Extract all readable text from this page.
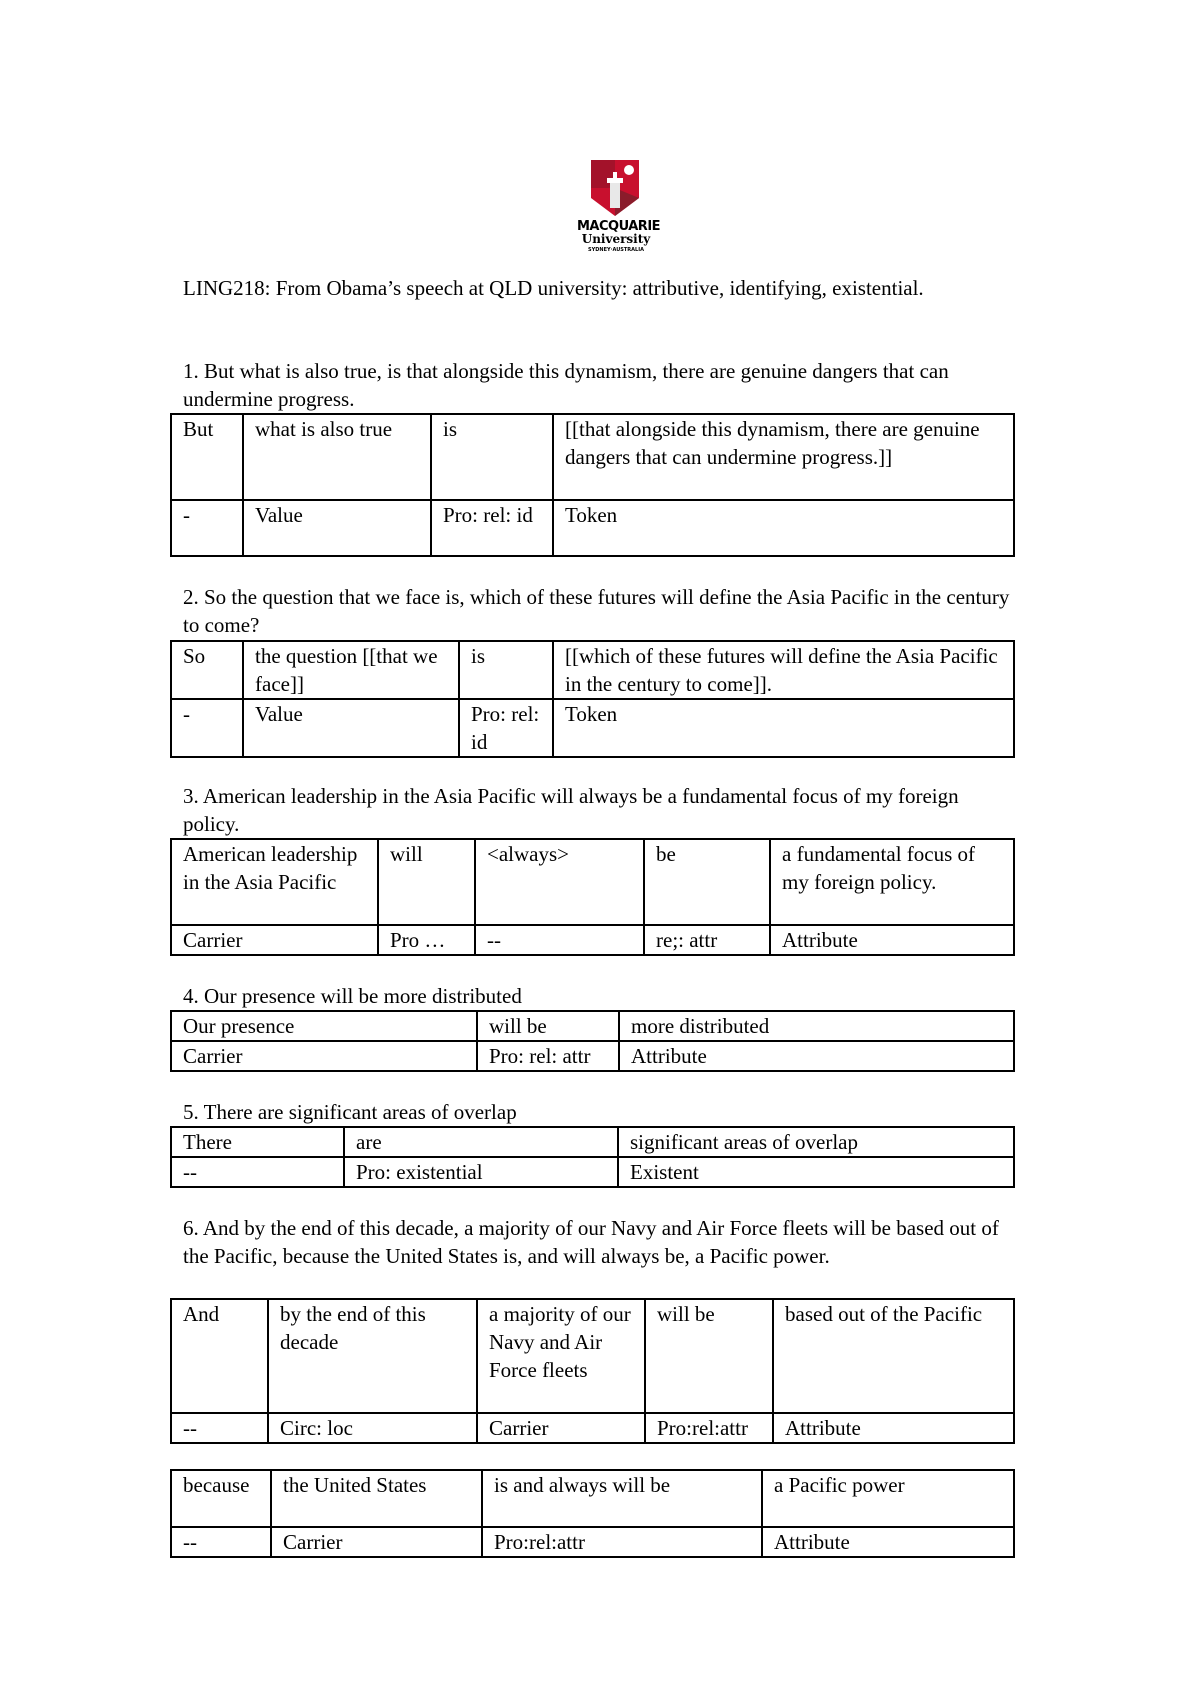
MACQUARIE
University
SYDNEY·AUSTRALIA

LING218: From Obama’s speech at QLD university: attributive, identifying, existential.

1. But what is also true, is that alongside this dynamism, there are genuine dangers that can undermine progress.

But	what is also true	is	[[that alongside this dynamism, there are genuine dangers that can undermine progress.]]
-	Value	Pro: rel: id	Token

2. So the question that we face is, which of these futures will define the Asia Pacific in the century to come?

So	the question [[that we face]]	is	[[which of these futures will define the Asia Pacific in the century to come]].
-	Value	Pro: rel: id	Token

3. American leadership in the Asia Pacific will always be a fundamental focus of my foreign policy.

American leadership in the Asia Pacific	will	<always>	be	a fundamental focus of my foreign policy.
Carrier	Pro …	--	re;: attr	Attribute

4. Our presence will be more distributed

Our presence	will be	more distributed
Carrier	Pro: rel: attr	Attribute

5. There are significant areas of overlap

There	are	significant areas of overlap
--	Pro: existential	Existent

6. And by the end of this decade, a majority of our Navy and Air Force fleets will be based out of the Pacific, because the United States is, and will always be, a Pacific power.

And	by the end of this decade	a majority of our Navy and Air Force fleets	will be	based out of the Pacific
--	Circ: loc	Carrier	Pro:rel:attr	Attribute
because	the United States	is and always will be	a Pacific power
--	Carrier	Pro:rel:attr	Attribute
